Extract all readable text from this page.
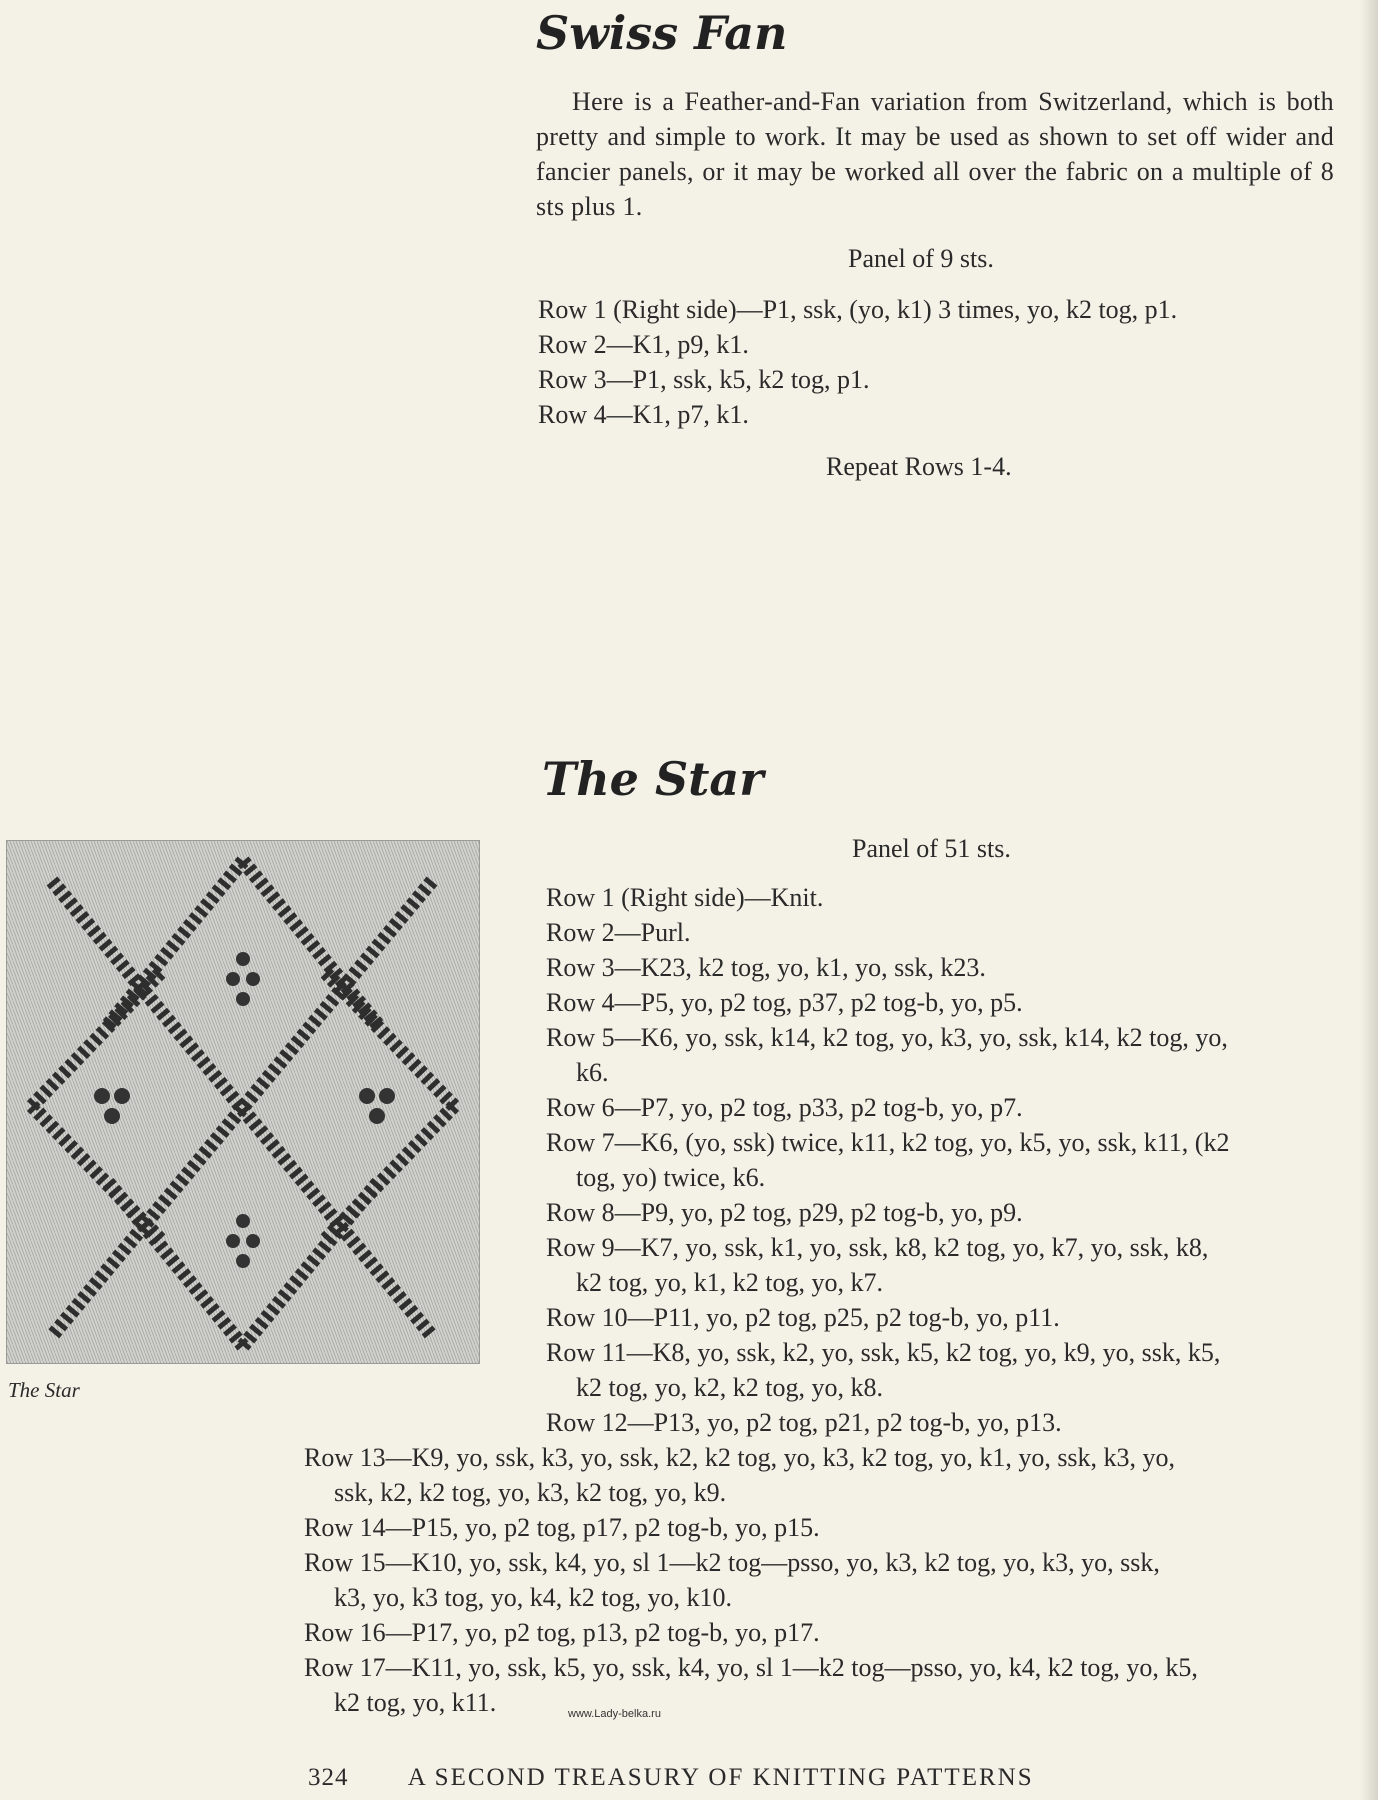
Swiss Fan
Here is a Feather-and-Fan variation from Switzerland, which is both pretty and simple to work. It may be used as shown to set off wider and fancier panels, or it may be worked all over the fabric on a multiple of 8 sts plus 1.
Panel of 9 sts.
Row 1 (Right side)—P1, ssk, (yo, k1) 3 times, yo, k2 tog, p1.
Row 2—K1, p9, k1.
Row 3—P1, ssk, k5, k2 tog, p1.
Row 4—K1, p7, k1.
Repeat Rows 1-4.
The Star
Panel of 51 sts.
The Star
Row 1 (Right side)—Knit.
Row 2—Purl.
Row 3—K23, k2 tog, yo, k1, yo, ssk, k23.
Row 4—P5, yo, p2 tog, p37, p2 tog-b, yo, p5.
Row 5—K6, yo, ssk, k14, k2 tog, yo, k3, yo, ssk, k14, k2 tog, yo,
k6.
Row 6—P7, yo, p2 tog, p33, p2 tog-b, yo, p7.
Row 7—K6, (yo, ssk) twice, k11, k2 tog, yo, k5, yo, ssk, k11, (k2
tog, yo) twice, k6.
Row 8—P9, yo, p2 tog, p29, p2 tog-b, yo, p9.
Row 9—K7, yo, ssk, k1, yo, ssk, k8, k2 tog, yo, k7, yo, ssk, k8,
k2 tog, yo, k1, k2 tog, yo, k7.
Row 10—P11, yo, p2 tog, p25, p2 tog-b, yo, p11.
Row 11—K8, yo, ssk, k2, yo, ssk, k5, k2 tog, yo, k9, yo, ssk, k5,
k2 tog, yo, k2, k2 tog, yo, k8.
Row 12—P13, yo, p2 tog, p21, p2 tog-b, yo, p13.
Row 13—K9, yo, ssk, k3, yo, ssk, k2, k2 tog, yo, k3, k2 tog, yo, k1, yo, ssk, k3, yo,
ssk, k2, k2 tog, yo, k3, k2 tog, yo, k9.
Row 14—P15, yo, p2 tog, p17, p2 tog-b, yo, p15.
Row 15—K10, yo, ssk, k4, yo, sl 1—k2 tog—psso, yo, k3, k2 tog, yo, k3, yo, ssk,
k3, yo, k3 tog, yo, k4, k2 tog, yo, k10.
Row 16—P17, yo, p2 tog, p13, p2 tog-b, yo, p17.
Row 17—K11, yo, ssk, k5, yo, ssk, k4, yo, sl 1—k2 tog—psso, yo, k4, k2 tog, yo, k5,
k2 tog, yo, k11.	www.Lady-belka.ru
324 A SECOND TREASURY OF KNITTING PATTERNS
